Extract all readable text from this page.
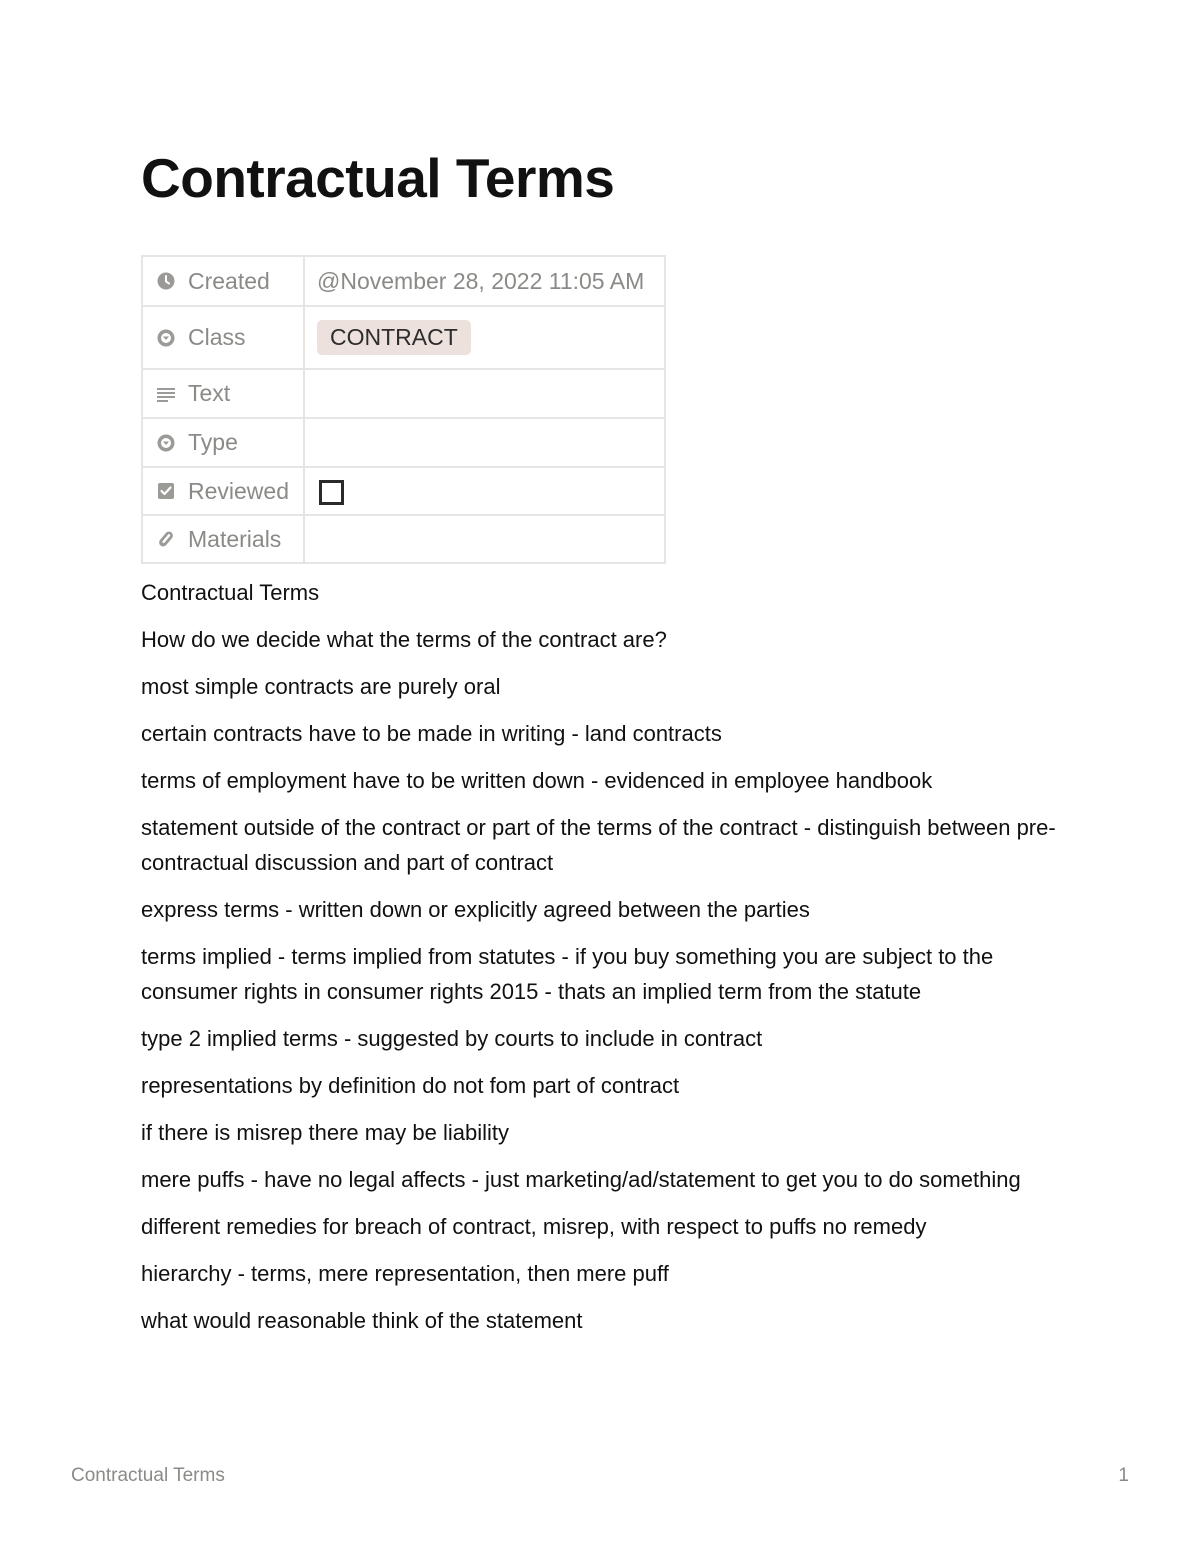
Contractual Terms
Created	@November 28, 2022 11:05 AM

Class	CONTRACT

Text	

Type	

Reviewed	

Materials	

Contractual Terms

How do we decide what the terms of the contract are?

most simple contracts are purely oral

certain contracts have to be made in writing - land contracts

terms of employment have to be written down - evidenced in employee handbook

statement outside of the contract or part of the terms of the contract - distinguish between pre-contractual discussion and part of contract

express terms - written down or explicitly agreed between the parties

terms implied - terms implied from statutes - if you buy something you are subject to the consumer rights in consumer rights 2015 - thats an implied term from the statute

type 2 implied terms - suggested by courts to include in contract

representations by definition do not fom part of contract

if there is misrep there may be liability

mere puffs - have no legal affects - just marketing/ad/statement to get you to do something

different remedies for breach of contract, misrep, with respect to puffs no remedy

hierarchy - terms, mere representation, then mere puff

what would reasonable think of the statement

Contractual Terms	1
